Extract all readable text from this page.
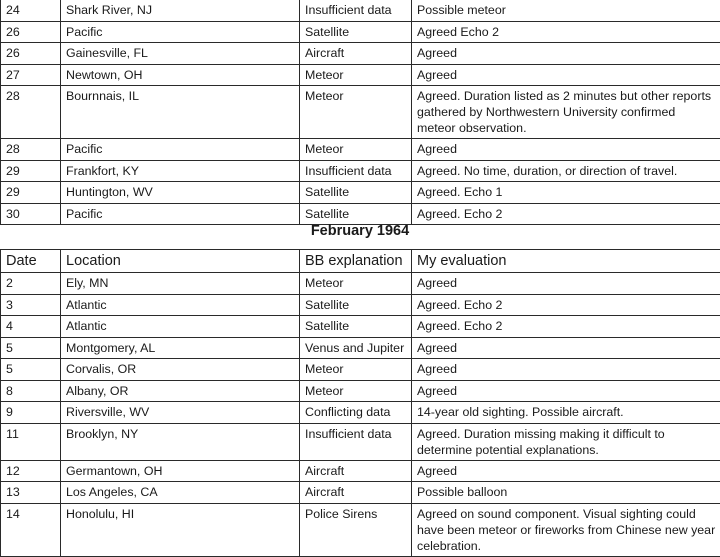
24	Shark River, NJ	Insufficient data	Possible meteor
26	Pacific	Satellite	Agreed Echo 2
26	Gainesville, FL	Aircraft	Agreed
27	Newtown, OH	Meteor	Agreed
28	Bournnais, IL	Meteor	Agreed. Duration listed as 2 minutes but other reports gathered by Northwestern University confirmed meteor observation.
28	Pacific	Meteor	Agreed
29	Frankfort, KY	Insufficient data	Agreed. No time, duration, or direction of travel.
29	Huntington, WV	Satellite	Agreed. Echo 1
30	Pacific	Satellite	Agreed. Echo 2
February 1964
Date	Location	BB explanation	My evaluation
2	Ely, MN	Meteor	Agreed
3	Atlantic	Satellite	Agreed. Echo 2
4	Atlantic	Satellite	Agreed. Echo 2
5	Montgomery, AL	Venus and Jupiter	Agreed
5	Corvalis, OR	Meteor	Agreed
8	Albany, OR	Meteor	Agreed
9	Riversville, WV	Conflicting data	14-year old sighting. Possible aircraft.
11	Brooklyn, NY	Insufficient data	Agreed. Duration missing making it difficult to determine potential explanations.
12	Germantown, OH	Aircraft	Agreed
13	Los Angeles, CA	Aircraft	Possible balloon
14	Honolulu, HI	Police Sirens	Agreed on sound component. Visual sighting could have been meteor or fireworks from Chinese new year celebration.
